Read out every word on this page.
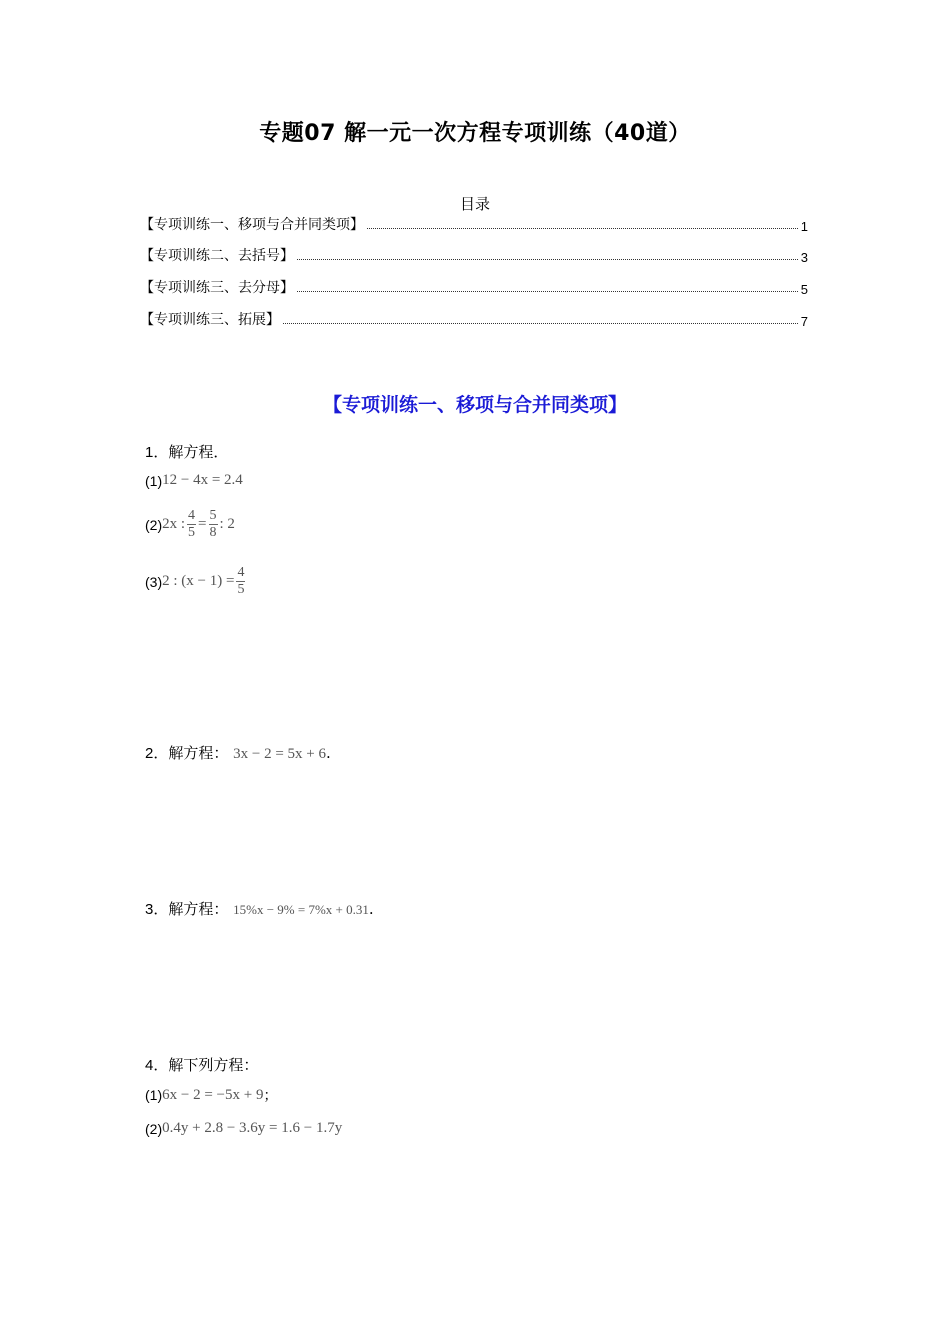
专题07 解一元一次方程专项训练（40道）
目录
【专项训练一、移项与合并同类项】	1
【专项训练二、去括号】	3
【专项训练三、去分母】	5
【专项训练三、拓展】	7
【专项训练一、移项与合并同类项】
1．解方程．
(1) 12 − 4x = 2.4
(2) 2x : $\frac{4}{5} = \frac{5}{8}$ : 2
(3) 2 : $(x - 1) = \frac{4}{5}$
2．解方程： 3x − 2 = 5x + 6.
3．解方程： 15%x − 9% = 7%x + 0.31.
4．解下列方程：
(1) 6x − 2 = −5x + 9 ；
(2) 0.4y + 2.8 − 3.6y = 1.6 − 1.7y
